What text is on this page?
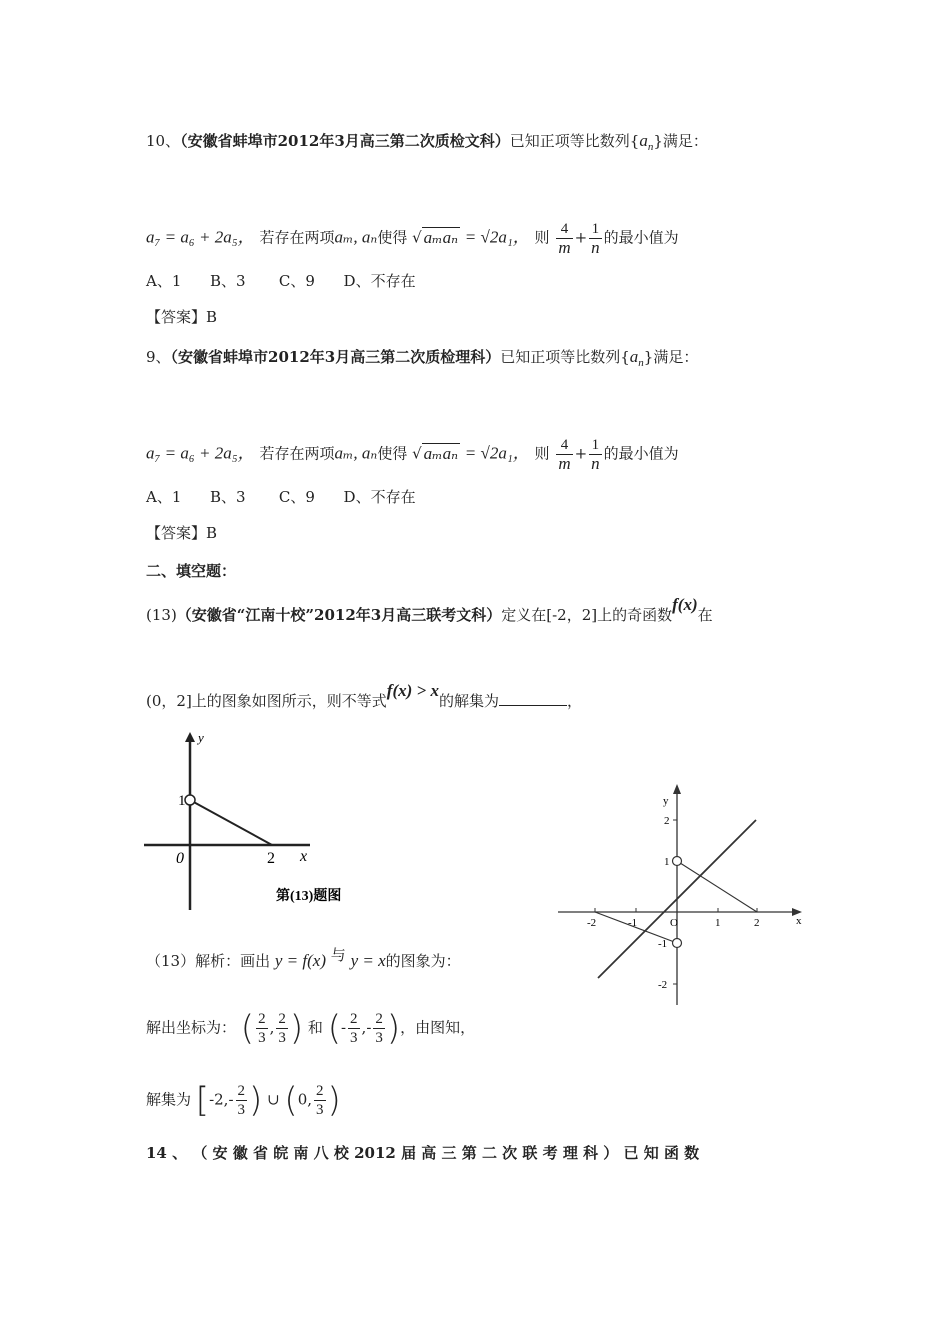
10、（安徽省蚌埠市2012年3月高三第二次质检文科）已知正项等比数列$\{a_n\}$满足：
a₇ = a₆ + 2a₅， 若存在两项aₘ, aₙ使得 √ aₘaₙ = √2a₁， 则 $\frac{4}{m} + \frac{1}{n}$ 的最小值为
A、1      B、3       C、9      D、不存在
【答案】B
9、（安徽省蚌埠市2012年3月高三第二次质检理科）已知正项等比数列$\{a_n\}$满足：
a₇ = a₆ + 2a₅， 若存在两项aₘ, aₙ使得 √ aₘaₙ = √2a₁， 则 $\frac{4}{m} + \frac{1}{n}$ 的最小值为
A、1      B、3       C、9      D、不存在
【答案】B
二、填空题：
(13)（安徽省“江南十校”2012年3月高三联考文科）定义在[-2，2]上的奇函数f(x)在
(0，2]上的图象如图所示，则不等式f(x) > x的解集为	，
y
1
0	2 x
第(13)题图
y
x
O
-2	-1	1	2
2
1
-1
-2
（13）解析：画出 y = f(x) 与 y = x的图象为：
解出坐标为： ( $\frac{2}{3}$ , $\frac{2}{3}$ ) 和 (- $\frac{2}{3}$ ,- $\frac{2}{3}$ )，由图知，
解集为 [$-2,- \frac{2}{3}$ ) ∪ (0, $\frac{2}{3}$ )
14 、 （ 安 徽 省 皖 南 八 校 2012 届 高 三 第 二 次 联 考 理 科 ） 已 知 函 数
